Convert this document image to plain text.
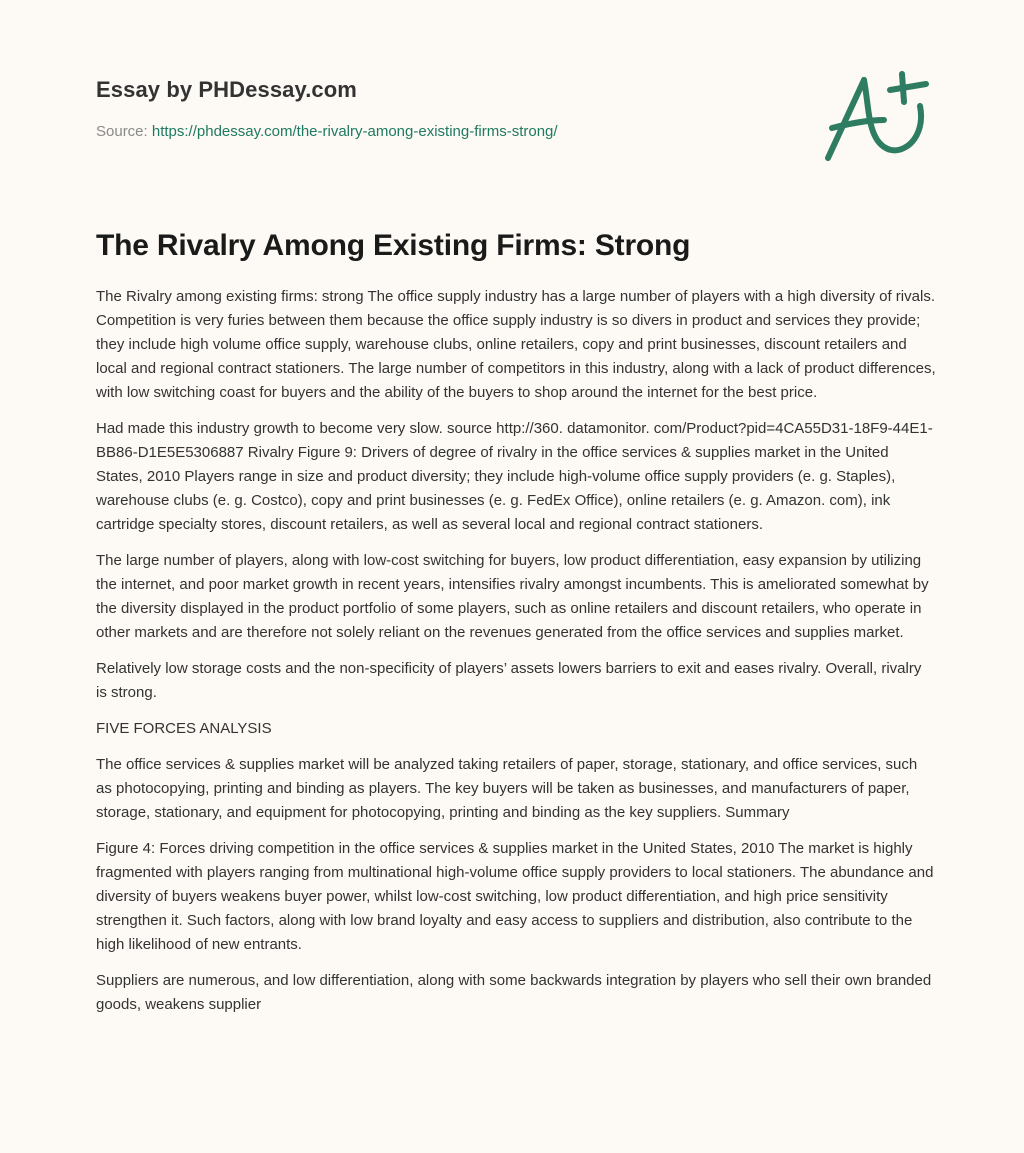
Essay by PHDessay.com
Source: https://phdessay.com/the-rivalry-among-existing-firms-strong/
The Rivalry Among Existing Firms: Strong

The Rivalry among existing firms: strong The office supply industry has a large number of players with a high diversity of rivals. Competition is very furies between them because the office supply industry is so divers in product and services they provide; they include high volume office supply, warehouse clubs, online retailers, copy and print businesses, discount retailers and local and regional contract stationers. The large number of competitors in this industry, along with a lack of product differences, with low switching coast for buyers and the ability of the buyers to shop around the internet for the best price.

Had made this industry growth to become very slow. source http://360. datamonitor. com/Product?pid=4CA55D31-18F9-44E1-BB86-D1E5E5306887 Rivalry Figure 9: Drivers of degree of rivalry in the office services & supplies market in the United States, 2010 Players range in size and product diversity; they include high-volume office supply providers (e. g. Staples), warehouse clubs (e. g. Costco), copy and print businesses (e. g. FedEx Office), online retailers (e. g. Amazon. com), ink cartridge specialty stores, discount retailers, as well as several local and regional contract stationers.

The large number of players, along with low-cost switching for buyers, low product differentiation, easy expansion by utilizing the internet, and poor market growth in recent years, intensifies rivalry amongst incumbents. This is ameliorated somewhat by the diversity displayed in the product portfolio of some players, such as online retailers and discount retailers, who operate in other markets and are therefore not solely reliant on the revenues generated from the office services and supplies market.

Relatively low storage costs and the non-specificity of players’ assets lowers barriers to exit and eases rivalry. Overall, rivalry is strong.

FIVE FORCES ANALYSIS

The office services & supplies market will be analyzed taking retailers of paper, storage, stationary, and office services, such as photocopying, printing and binding as players. The key buyers will be taken as businesses, and manufacturers of paper, storage, stationary, and equipment for photocopying, printing and binding as the key suppliers. Summary

Figure 4: Forces driving competition in the office services & supplies market in the United States, 2010 The market is highly fragmented with players ranging from multinational high-volume office supply providers to local stationers. The abundance and diversity of buyers weakens buyer power, whilst low-cost switching, low product differentiation, and high price sensitivity strengthen it. Such factors, along with low brand loyalty and easy access to suppliers and distribution, also contribute to the high likelihood of new entrants.

Suppliers are numerous, and low differentiation, along with some backwards integration by players who sell their own branded goods, weakens supplier
